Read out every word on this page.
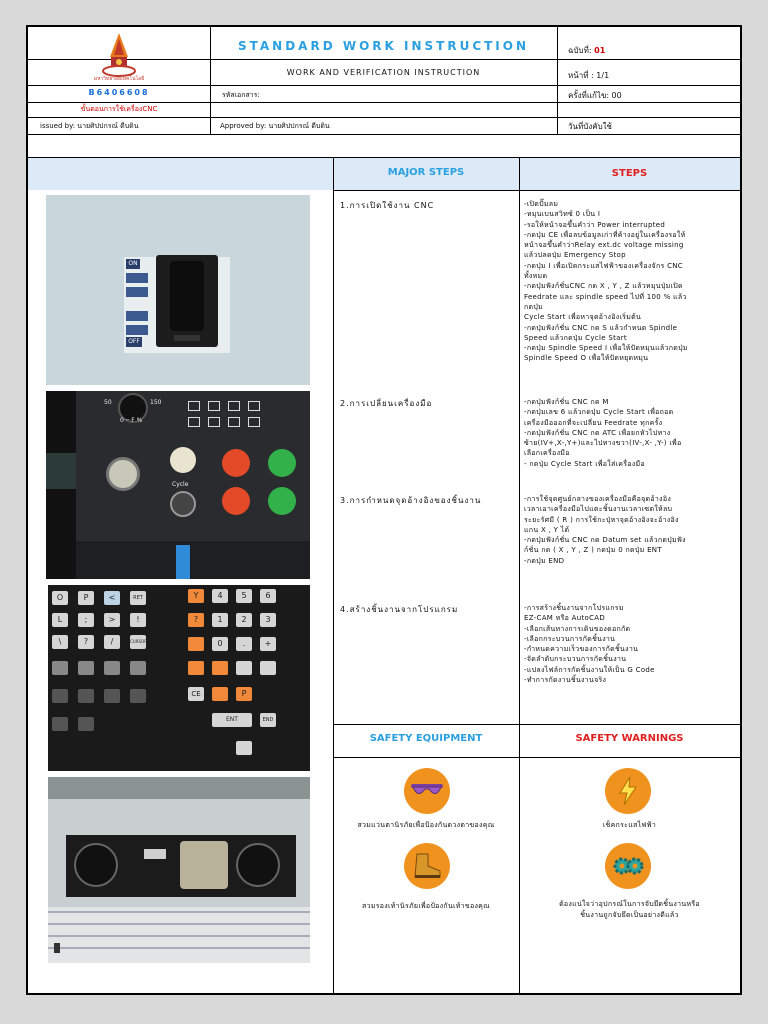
มหาวิทยาลัยเทคโนโลยี
STANDARD WORK INSTRUCTION
WORK AND VERIFICATION INSTRUCTION
ฉบับที่: 01
หน้าที่ : 1/1
ครั้งที่แก้ไข: 00
วันที่บังคับใช้
B6406608	รหัสเอกสาร:
ขั้นตอนการใช้เครื่องCNC
issued by: นายศิปปกรณ์ ดีบดิน	Approved by: นายศิปปกรณ์ ดีบดิน
MAJOR STEPS	STEPS
1.การเปิดใช้งาน CNC	-เปิดปั๊มลม
-หมุนเบนสวิทซ์ 0 เป็น I
-รอให้หน้าจอขึ้นคำว่า Power interrupted
-กดปุ่ม CE เพื่อลบข้อมูลเก่าที่ค้างอยู่ในเครื่องรอให้
หน้าจอขึ้นคำว่าRelay ext.dc voltage missing
แล้วปลดปุ่ม Emergency Stop
-กดปุ่ม I เพื่อเปิดกระแสไฟฟ้าของเครื่องจักร CNC
ทั้งหมด
-กดปุ่มฟังก์ชั่นCNC กด X , Y , Z แล้วหมุนปุ่มเปิด
Feedrate และ spindle speed ไปที่ 100 % แล้ว
กดปุ่ม
Cycle Start เพื่อหาจุดอ้างอิงเริ่มต้น
-กดปุ่มฟังก์ชั่น CNC กด S แล้วกำหนด Spindle
Speed แล้วกดปุ่ม Cycle Start
-กดปุ่ม Spindle Speed I เพื่อให้ปัดหมุนแล้วกดปุ่ม
Spindle Speed O เพื่อให้ปัดหยุดหมุน
2.การเปลี่ยนเครื่องมือ	-กดปุ่มฟังก์ชั่น CNC กด M
-กดปุ่มเลข 6 แล้วกดปุ่ม Cycle Start เพื่อถอด
เครื่องมือออกที่จะเปลี่ยน Feedrate ทุกครั้ง
-กดปุ่มฟังก์ชั่น CNC กด ATC เพื่อยกหัวไปทาง
ซ้าย(IV+,X-,Y+)และไปทางขวา(IV-,X- ,Y-) เพื่อ
เลือกเครื่องมือ
- กดปุ่ม Cycle Start เพื่อใส่เครื่องมือ
3.การกำหนดจุดอ้างอิงของชิ้นงาน	-การใช้จุดศูนย์กลางของเครื่องมือคือจุดอ้างอิง
เวลาเอาเครื่องมือไปแตะชิ้นงานเวลาเซตให้ลบ
ระยะรัศมี ( R ) การใช้กะปุ่หาจุดอ้างอิงจะอ้างอิง
แกน X , Y ได้
-กดปุ่มฟังก์ชั่น CNC กด Datum set แล้วกดปุ่มฟัง
ก์ชั่น กด ( X , Y , Z ) กดปุ่ม 0 กดปุ่ม ENT
-กดปุ่ม END
4.สร้างชิ้นงานจากโปรแกรม	-การสร้างชิ้นงานจากโปรแกรม
EZ-CAM หรือ AutoCAD
-เลือกเส้นทางการเดินของดอกกัด
-เลือกกระบวนการกัดชิ้นงาน
-กำหนดความเร็วของการกัดชิ้นงาน
-จัดลำดับกระบวนการกัดชิ้นงาน
-แปลงไฟล์การกัดชิ้นงานให้เป็น G Code
-ทำการกัดงานชิ้นงานจริง
SAFETY EQUIPMENT	SAFETY WARNINGS
สวมแว่นตานิรภัยเพื่อป้องกันดวงตาของคุณ	เช็คกระแสไฟฟ้า
สวมรองเท้านิรภัยเพื่อป้องกันเท้าของคุณ	ต้องแน่ใจว่าอุปกรณ์ในการจับยึดชิ้นงานหรือ
ชิ้นงานถูกจับยึดเป็นอย่างดีแล้ว
ON
OFF
50	150
0 ─ F %
Cycle
O	P	<	RET
L	;	>	!
\	?	/	CURSOR
Y	4	5	6
?	1	2	3
0	.	+
CE	P
ENT	END
